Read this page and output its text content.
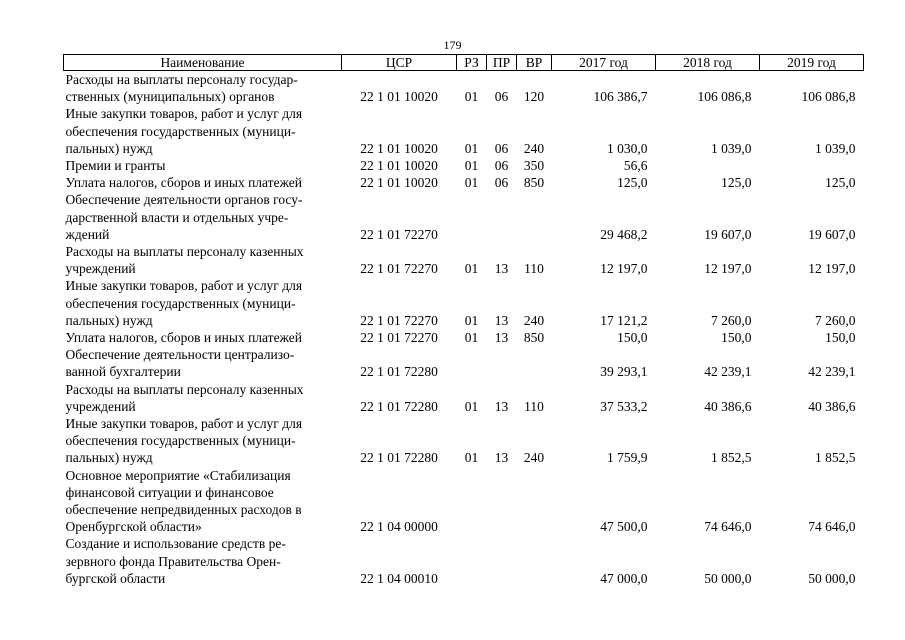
179
Наименование	ЦСР	РЗ	ПР	ВР	2017 год	2018 год	2019 год

Расходы на выплаты персоналу государ-
ственных (муниципальных) органов	22 1 01 10020	01	06	120	106 386,7	106 086,8	106 086,8

Иные закупки товаров, работ и услуг для
обеспечения государственных (муници-
пальных) нужд	22 1 01 10020	01	06	240	1 030,0	1 039,0	1 039,0

Премии и гранты	22 1 01 10020	01	06	350	56,6		

Уплата налогов, сборов и иных платежей	22 1 01 10020	01	06	850	125,0	125,0	125,0

Обеспечение деятельности органов госу-
дарственной власти и отдельных учре-
ждений	22 1 01 72270				29 468,2	19 607,0	19 607,0

Расходы на выплаты персоналу казенных
учреждений	22 1 01 72270	01	13	110	12 197,0	12 197,0	12 197,0

Иные закупки товаров, работ и услуг для
обеспечения государственных (муници-
пальных) нужд	22 1 01 72270	01	13	240	17 121,2	7 260,0	7 260,0

Уплата налогов, сборов и иных платежей	22 1 01 72270	01	13	850	150,0	150,0	150,0

Обеспечение деятельности централизо-
ванной бухгалтерии	22 1 01 72280				39 293,1	42 239,1	42 239,1

Расходы на выплаты персоналу казенных
учреждений	22 1 01 72280	01	13	110	37 533,2	40 386,6	40 386,6

Иные закупки товаров, работ и услуг для
обеспечения государственных (муници-
пальных) нужд	22 1 01 72280	01	13	240	1 759,9	1 852,5	1 852,5

Основное мероприятие «Стабилизация
финансовой ситуации и финансовое
обеспечение непредвиденных расходов в
Оренбургской области»	22 1 04 00000				47 500,0	74 646,0	74 646,0

Создание и использование средств ре-
зервного фонда Правительства Орен-
бургской области	22 1 04 00010				47 000,0	50 000,0	50 000,0
